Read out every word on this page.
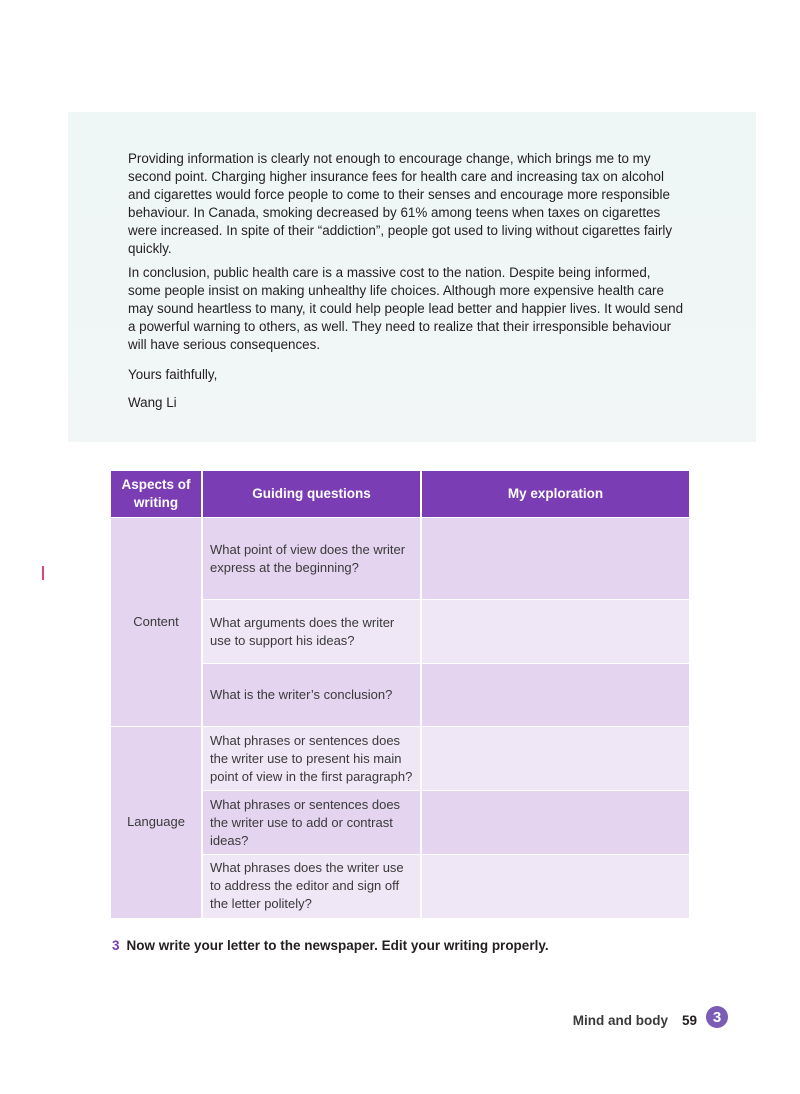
Providing information is clearly not enough to encourage change, which brings me to my second point. Charging higher insurance fees for health care and increasing tax on alcohol and cigarettes would force people to come to their senses and encourage more responsible behaviour. In Canada, smoking decreased by 61% among teens when taxes on cigarettes were increased. In spite of their “addiction”, people got used to living without cigarettes fairly quickly.

In conclusion, public health care is a massive cost to the nation. Despite being informed, some people insist on making unhealthy life choices. Although more expensive health care may sound heartless to many, it could help people lead better and happier lives. It would send a powerful warning to others, as well. They need to realize that their irresponsible behaviour will have serious consequences.

Yours faithfully,

Wang Li

Aspects of writing	Guiding questions	My exploration
Content	What point of view does the writer express at the beginning?	
	What arguments does the writer use to support his ideas?	
	What is the writer’s conclusion?	
Language	What phrases or sentences does the writer use to present his main point of view in the first paragraph?	
	What phrases or sentences does the writer use to add or contrast ideas?	
	What phrases does the writer use to address the editor and sign off the letter politely?	
3 Now write your letter to the newspaper. Edit your writing properly.
Mind and body 59	3
